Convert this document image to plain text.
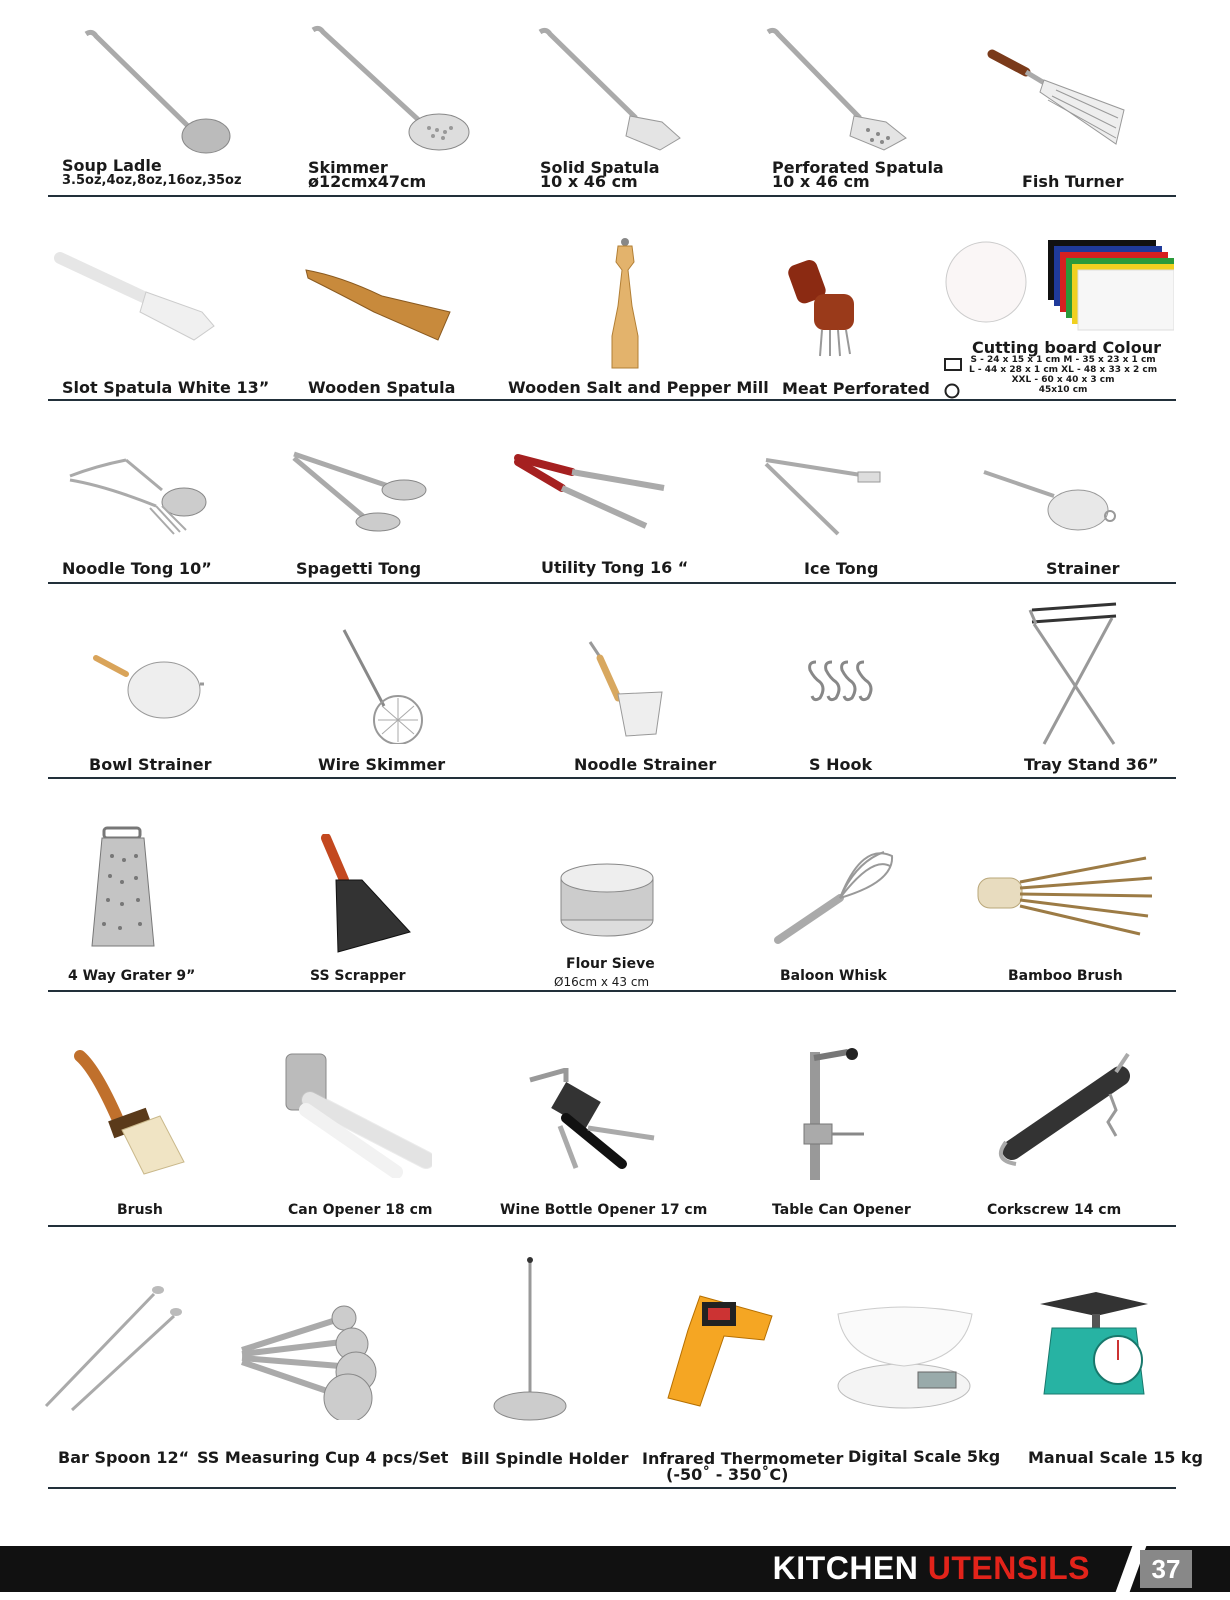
Soup Ladle
3.5oz,4oz,8oz,16oz,35oz
Skimmer
ø12cmx47cm
Solid Spatula
10 x 46 cm
Perforated Spatula
10 x 46 cm	Fish Turner
Slot Spatula White 13” Wooden Spatula	Wooden Salt and Pepper Mill Meat Perforated
Cutting board Colour
S - 24 x 15 x 1 cm M - 35 x 23 x 1 cm
L - 44 x 28 x 1 cm XL - 48 x 33 x 2 cm
XXL - 60 x 40 x 3 cm
45x10 cm
Noodle Tong 10”	Spagetti Tong	Utility Tong 16 “	Ice Tong	Strainer
Bowl Strainer	Wire Skimmer	Noodle Strainer	S Hook	Tray Stand 36”
4 Way Grater 9”	SS Scrapper
Flour Sieve
Ø16cm x 43 cm	Baloon Whisk	Bamboo Brush
Brush	Can Opener 18 cm	Wine Bottle Opener 17 cm	Table Can Opener	Corkscrew 14 cm
Bar Spoon 12“ SS Measuring Cup 4 pcs/Set Bill Spindle Holder Infrared Thermometer
(-50˚ - 350˚C)
Digital Scale 5kg Manual Scale 15 kg
KITCHEN UTENSILS	37
